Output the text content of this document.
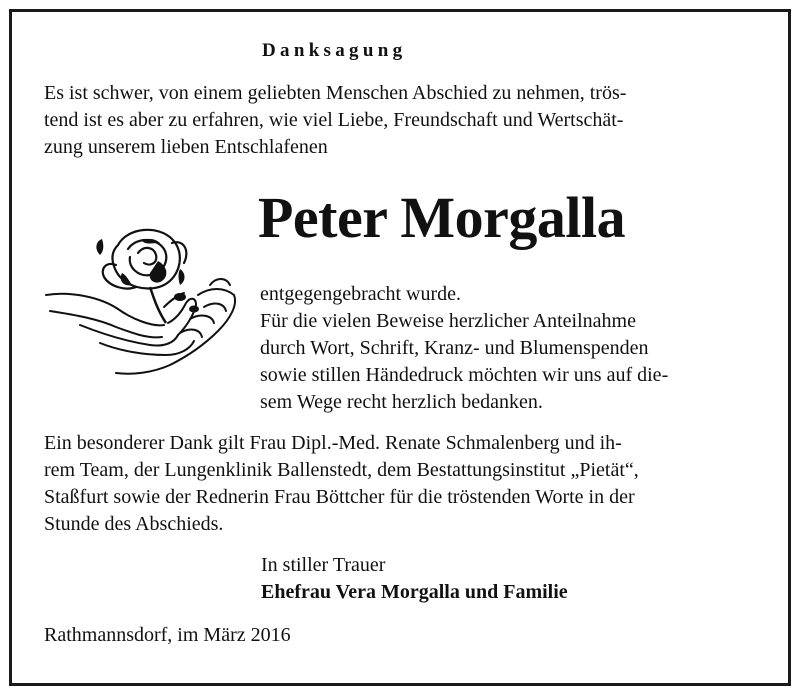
Danksagung
Es ist schwer, von einem geliebten Menschen Abschied zu nehmen, trös-
tend ist es aber zu erfahren, wie viel Liebe, Freundschaft und Wertschät-
zung unserem lieben Entschlafenen
Peter Morgalla
entgegengebracht wurde.
Für die vielen Beweise herzlicher Anteilnahme
durch Wort, Schrift, Kranz- und Blumenspenden
sowie stillen Händedruck möchten wir uns auf die-
sem Wege recht herzlich bedanken.
Ein besonderer Dank gilt Frau Dipl.-Med. Renate Schmalenberg und ih-
rem Team, der Lungenklinik Ballenstedt, dem Bestattungsinstitut „Pietät“,
Staßfurt sowie der Rednerin Frau Böttcher für die tröstenden Worte in der
Stunde des Abschieds.
In stiller Trauer
Ehefrau Vera Morgalla und Familie
Rathmannsdorf, im März 2016
